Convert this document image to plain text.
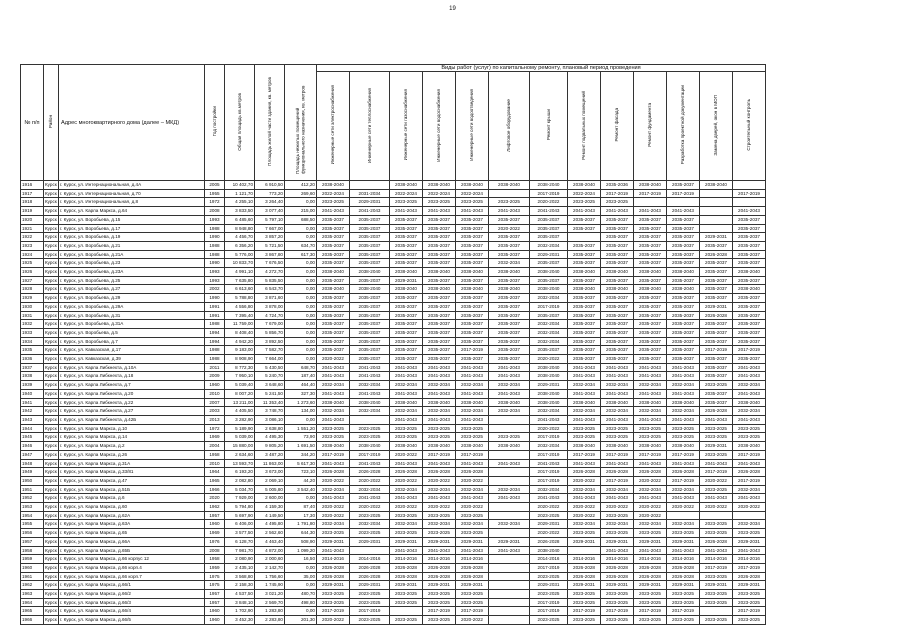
19
№ п/п	Район	Адрес многоквартирного дома (далее – МКД)	Год постройки	Общая площадь кв.метров	Площадь жилой части здания, кв. метров	Площадь нежилых помещений функционального назначения, кв. метров	Виды работ (услуг) по капитальному ремонту, плановый период проведения												
							Инженерные сети электроснабжения	Инженерные сети теплоснабжения	Инженерные сети газоснабжения	Инженерные сети водоснабжения	Инженерные сети водоотведения	Лифтовое оборудование	Ремонт крыши	Ремонт подвальных помещений	Ремонт фасада	Ремонт фундамента	Разработка проектной документации	Замена дверей, окон в МОП	Строительный контроль
1916	Курск	г. Курск, ул. Интернациональная, д.4А	2005	10 402,70	6 910,50	412,20	2038-2040		2038-2040	2038-2040	2038-2040	2038-2040	2038-2040	2038-2040	2035-2036	2038-2040	2035-2037	2038-2040	
1917	Курск	г. Курск, ул. Интернациональная, д.70	1955	1 121,70	773,20	269,60	2022-2024	2031-2034	2022-2024	2022-2024	2022-2024		2017-2019	2022-2024	2017-2019	2017-2019	2017-2019		2017-2019
1918	Курск	г. Курск, ул. Интернациональная, д.8	1972	4 255,10	3 264,40	0,00	2023-2025	2029-2031	2023-2025	2023-2025	2023-2025	2023-2025	2020-2022	2023-2025	2023-2025				
1919	Курск	г. Курск, ул. Карла Маркса, д.64	2008	3 833,50	3 077,40	215,00	2041-2043	2041-2043	2041-2043	2041-2043	2041-2043	2041-2043	2041-2043	2041-2043	2041-2043	2041-2043	2041-2043		2041-2043
1920	Курск	г. Курск, ул. Воробьева, д.15	1993	6 485,60	5 797,10	688,50	2035-2037	2035-2037	2035-2037	2035-2037	2035-2037	2035-2037	2035-2037	2035-2037	2035-2037	2035-2037	2035-2037		2035-2037
1921	Курск	г. Курск, ул. Воробьева, д.17	1988	8 948,80	7 667,00	0,00	2035-2037	2035-2037	2035-2037	2035-2037	2035-2037	2020-2022	2035-2037	2035-2037	2035-2037	2035-2037	2035-2037		2035-2037
1922	Курск	г. Курск, ул. Воробьева, д.19	1990	4 456,70	3 857,20	0,00	2035-2037	2035-2037	2035-2037	2035-2037	2035-2037	2035-2037	2035-2037		2035-2037	2035-2037	2035-2037	2029-2031	2035-2037
1923	Курск	г. Курск, ул. Воробьева, д.21	1988	6 356,20	5 721,50	634,70	2035-2037	2035-2037	2035-2037	2035-2037	2035-2037	2035-2037	2032-2034	2035-2037	2035-2037	2035-2037	2035-2037	2035-2037	2035-2037
1924	Курск	г. Курск, ул. Воробьева, д.21А	1988	5 776,00	3 867,80	617,30	2035-2037	2035-2037	2035-2037	2035-2037	2035-2037	2035-2037	2029-2031	2035-2037	2035-2037	2035-2037	2035-2037	2026-2028	2035-2037
1925	Курск	г. Курск, ул. Воробьева, д.23	1990	10 833,70	7 676,50	0,00	2035-2037	2035-2037	2035-2037	2035-2037	2035-2037	2032-2034	2035-2037	2035-2037	2035-2037	2035-2037	2035-2037	2035-2037	2035-2037
1926	Курск	г. Курск, ул. Воробьева, д.23А	1993	4 991,10	4 272,70	0,00	2038-2040	2038-2040	2038-2040	2038-2040	2038-2040	2038-2040	2038-2040	2038-2040	2038-2040	2038-2040	2038-2040	2035-2037	2038-2040
1927	Курск	г. Курск, ул. Воробьева, д.25	1993	7 635,80	5 835,50	0,00	2035-2037	2035-2037	2029-2031	2035-2037	2035-2037	2035-2037	2035-2037	2035-2037	2035-2037	2035-2037	2035-2037	2035-2037	2035-2037
1928	Курск	г. Курск, ул. Воробьева, д.27	2002	6 613,60	6 543,70	0,00	2038-2040	2038-2040	2038-2040	2038-2040	2038-2040	2038-2040	2038-2040	2038-2040	2038-2040	2038-2040	2038-2040	2035-2037	2038-2040
1929	Курск	г. Курск, ул. Воробьева, д.29	1990	5 788,80	3 871,60	0,00	2035-2037	2035-2037	2035-2037	2035-2037	2035-2037	2035-2037	2032-2034	2035-2037	2035-2037	2035-2037	2035-2037	2035-2037	2035-2037
1930	Курск	г. Курск, ул. Воробьева, д.29А	1991	4 556,80	3 878,00	0,00	2035-2037	2035-2037	2035-2037	2035-2037	2035-2037	2035-2037	2017-2019	2035-2037	2035-2037	2035-2037	2035-2037	2029-2031	2035-2037
1931	Курск	г. Курск, ул. Воробьева, д.31	1991	7 395,40	4 724,70	0,00	2035-2037	2035-2037	2035-2037	2035-2037	2035-2037	2035-2037	2035-2037	2035-2037	2035-2037	2035-2037	2035-2037	2026-2028	2035-2037
1932	Курск	г. Курск, ул. Воробьева, д.31А	1988	11 759,00	7 679,00	0,00	2035-2037	2035-2037	2035-2037	2035-2037	2035-2037	2035-2037	2032-2034	2035-2037	2035-2037	2035-2037	2035-2037	2035-2037	2035-2037
1933	Курск	г. Курск, ул. Воробьева, д.5	1994	8 408,40	5 856,70	0,00	2035-2037	2035-2037	2035-2037	2035-2037	2035-2037	2035-2037	2032-2034	2035-2037	2035-2037	2035-2037	2035-2037	2035-2037	2035-2037
1934	Курск	г. Курск, ул. Воробьева, д.7	1994	4 942,20	3 892,50	0,00	2035-2037	2035-2037	2035-2037	2035-2037	2035-2037	2035-2037	2032-2034	2035-2037	2035-2037	2035-2037	2035-2037	2035-2037	2035-2037
1935	Курск	г. Курск, ул. Кавказская, д.17	1988	9 183,00	7 582,70	0,00	2035-2037	2035-2037	2035-2037	2035-2037	2017-2019	2035-2037	2035-2037	2035-2037	2035-2037	2035-2037	2035-2037	2017-2019	2017-2019
1936	Курск	г. Курск, ул. Кавказская, д.39	1988	8 908,90	7 664,00	0,00	2020-2022	2035-2037	2035-2037	2035-2037	2035-2037	2035-2037	2020-2022	2035-2037	2035-2037	2035-2037	2035-2037	2035-2037	2035-2037
1937	Курск	г. Курск, ул. Карла Либкнехта, д.10А	2011	8 772,30	5 430,50	648,70	2041-2043	2041-2043	2041-2043	2041-2043	2041-2043	2041-2043	2038-2040	2041-2043	2041-2043	2041-2043	2041-2043	2035-2037	2041-2043
1938	Курск	г. Курск, ул. Карла Либкнехта, д.18	2009	7 950,10	5 240,70	187,40	2041-2043	2041-2043	2041-2043	2041-2043	2041-2043	2041-2043	2038-2040	2041-2043	2041-2043	2041-2043	2041-2043	2035-2037	2041-2043
1939	Курск	г. Курск, ул. Карла Либкнехта, д.7	1960	5 039,40	3 648,60	464,40	2032-2034	2032-2034	2032-2034	2032-2034	2032-2034	2032-2034	2029-2031	2032-2034	2032-2034	2032-2034	2032-2034	2023-2025	2032-2034
1940	Курск	г. Курск, ул. Карла Либкнехта, д.20	2010	8 007,20	5 241,50	327,30	2041-2043	2041-2043	2041-2043	2041-2043	2041-2043	2041-2043	2038-2040	2041-2043	2041-2043	2041-2043	2041-2043	2035-2037	2041-2043
1941	Курск	г. Курск, ул. Карла Либкнехта, д.22	2007	13 211,00	11 353,40	1 273,60	2038-2040	2038-2040	2038-2040	2038-2040	2038-2040	2038-2040	2038-2040	2038-2040	2038-2040	2038-2040	2038-2040	2035-2037	2038-2040
1942	Курск	г. Курск, ул. Карла Либкнехта, д.27	2003	4 405,50	3 748,70	134,00	2032-2034	2032-2034	2032-2034	2032-2034	2032-2034	2032-2034	2032-2034	2032-2034	2032-2034	2032-2034	2032-2034	2026-2028	2032-2034
1943	Курск	г. Курск, ул. Карла Либкнехта, д.42Б	2013	3 282,90	3 086,10	0,00	2041-2043		2041-2043	2041-2043	2041-2043		2041-2043	2041-2043	2041-2043	2041-2043	2041-2043	2041-2043	2041-2043
1944	Курск	г. Курск, ул. Карла Маркса, д.10	1972	5 189,90	2 638,80	1 551,20	2023-2025	2023-2025	2023-2025	2023-2025	2023-2025		2020-2022	2023-2025	2023-2025	2023-2025	2023-2025	2023-2025	2023-2025
1945	Курск	г. Курск, ул. Карла Маркса, д.14	1969	5 039,00	4 495,30	73,90	2023-2025	2023-2025	2023-2025	2023-2025	2023-2025	2023-2025	2017-2019	2023-2025	2023-2025	2023-2025	2023-2025	2023-2025	2023-2025
1946	Курск	г. Курск, ул. Карла Маркса, д.2	2004	15 880,00	9 805,20	1 691,50	2038-2040	2038-2040	2038-2040	2038-2040	2038-2040	2038-2040	2032-2034	2038-2040	2038-2040	2038-2040	2038-2040	2029-2031	2038-2040
1947	Курск	г. Курск, ул. Карла Маркса, д.26	1958	2 634,60	3 487,20	344,20	2017-2019	2017-2019	2020-2022	2017-2019	2017-2019		2017-2019	2017-2019	2017-2019	2017-2019	2017-2019	2023-2025	2017-2019
1948	Курск	г. Курск, ул. Карла Маркса, д.31А	2010	13 593,70	11 863,00	5 617,30	2041-2043	2041-2043	2041-2043	2041-2043	2041-2043	2041-2043	2041-2043	2041-2043	2041-2043	2041-2043	2041-2043	2041-2043	2041-2043
1949	Курск	г. Курск, ул. Карла Маркса, д.33/81	1964	6 193,20	3 673,00	723,10	2026-2028	2026-2028	2026-2028	2026-2028	2026-2028		2017-2019	2026-2028	2026-2028	2026-2028	2026-2028	2017-2019	2026-2028
1950	Курск	г. Курск, ул. Карла Маркса, д.47	1965	2 082,80	2 069,10	44,20	2020-2022	2020-2022	2020-2022	2020-2022	2020-2022		2017-2019	2020-2022	2017-2019	2020-2022	2017-2019	2020-2022	2017-2019
1951	Курск	г. Курск, ул. Карла Маркса, д.51Б	1966	5 034,70	5 005,80	3 542,40	2032-2034	2032-2034	2032-2034	2032-2034	2032-2034	2032-2034	2032-2034	2032-2034	2032-2034	2032-2034	2032-2034	2023-2025	2032-2034
1952	Курск	г. Курск, ул. Карла Маркса, д.6	2020	7 929,00	2 600,00	0,00	2041-2043	2041-2043	2041-2043	2041-2043	2041-2043	2041-2043	2041-2043	2041-2043	2041-2043	2041-2043	2041-2043	2041-2043	2041-2043
1953	Курск	г. Курск, ул. Карла Маркса, д.60	1962	5 794,80	4 159,30	87,40	2020-2022	2020-2022	2020-2022	2020-2022	2020-2022		2020-2022	2020-2022	2020-2022	2020-2022	2020-2022	2020-2022	2020-2022
1954	Курск	г. Курск, ул. Карла Маркса, д.62А	1957	5 697,90	4 149,50	17,30	2020-2022	2023-2025	2023-2025	2023-2025	2023-2025		2023-2025	2020-2022	2023-2025	2020-2022			
1955	Курск	г. Курск, ул. Карла Маркса, д.63А	1960	6 406,00	4 495,80	1 791,80	2032-2034	2032-2034	2032-2034	2032-2034	2032-2034	2032-2034	2029-2031	2032-2034	2032-2034	2032-2034	2032-2034	2023-2025	2032-2034
1956	Курск	г. Курск, ул. Карла Маркса, д.65	1969	3 577,50	2 562,60	644,30	2023-2025	2023-2025	2023-2025	2023-2025	2023-2025		2020-2022	2023-2025	2023-2025	2023-2025	2023-2025	2023-2025	2023-2025
1957	Курск	г. Курск, ул. Карла Маркса, д.66А	1976	6 128,70	4 463,40	508,90	2029-2031	2029-2031	2029-2031	2029-2031	2029-2031	2029-2031	2026-2028	2029-2031	2029-2031	2029-2031	2029-2031	2026-2028	2029-2031
1958	Курск	г. Курск, ул. Карла Маркса, д.65Б	2008	7 981,70	4 872,00	1 099,20	2041-2043		2041-2043	2041-2043	2041-2043	2041-2043	2038-2040		2041-2043	2041-2043	2041-2043	2041-2043	2041-2043
1959	Курск	г. Курск, ул. Карла Маркса, д.66 корпус 12	1958	2 080,90	2 000,60	16,50	2014-2016	2014-2016	2014-2016	2014-2016	2014-2016		2014-2016	2014-2016	2014-2016	2014-2016	2014-2016	2014-2016	2014-2016
1960	Курск	г. Курск, ул. Карла Маркса, д.66 корп.4	1959	2 435,10	2 142,70	0,00	2026-2028	2026-2028	2026-2028	2026-2028	2026-2028		2017-2019	2026-2028	2026-2028	2026-2028	2026-2028	2017-2019	2017-2019
1961	Курск	г. Курск, ул. Карла Маркса, д.66 корп.7	1975	3 568,80	1 756,60	35,00	2026-2028	2026-2028	2026-2028	2026-2028	2026-2028		2023-2025	2026-2028	2026-2028	2026-2028	2026-2028	2023-2025	2026-2028
1962	Курск	г. Курск, ул. Карла Маркса, д.66/1	1975	2 158,30	1 745,90	0,00	2029-2031	2029-2031	2029-2031	2029-2031	2029-2031		2029-2031	2029-2031	2029-2031	2029-2031	2029-2031	2029-2031	2029-2031
1963	Курск	г. Курск, ул. Карла Маркса, д.66/2	1957	4 537,50	3 021,20	480,70	2023-2025	2023-2025	2023-2025	2023-2025	2023-2025		2023-2025	2023-2025	2023-2025	2023-2025	2023-2025	2023-2025	2023-2025
1964	Курск	г. Курск, ул. Карла Маркса, д.66/3	1957	3 848,10	2 569,70	498,80	2023-2025	2023-2025	2023-2025	2023-2025	2023-2025		2017-2019	2023-2025	2023-2025	2023-2025	2023-2025	2023-2025	2023-2025
1965	Курск	г. Курск, ул. Карла Маркса, д.66/4	1960	1 702,90	1 283,80	0,00	2017-2019	2017-2019		2017-2019	2017-2019		2017-2019	2017-2019	2017-2019	2017-2019	2017-2019		2017-2019
1966	Курск	г. Курск, ул. Карла Маркса, д.66/5	1960	3 452,30	2 283,80	201,30	2020-2022	2023-2025	2023-2025	2023-2025	2020-2022		2023-2025	2023-2025	2023-2025	2023-2025	2023-2025	2023-2025	2023-2025
